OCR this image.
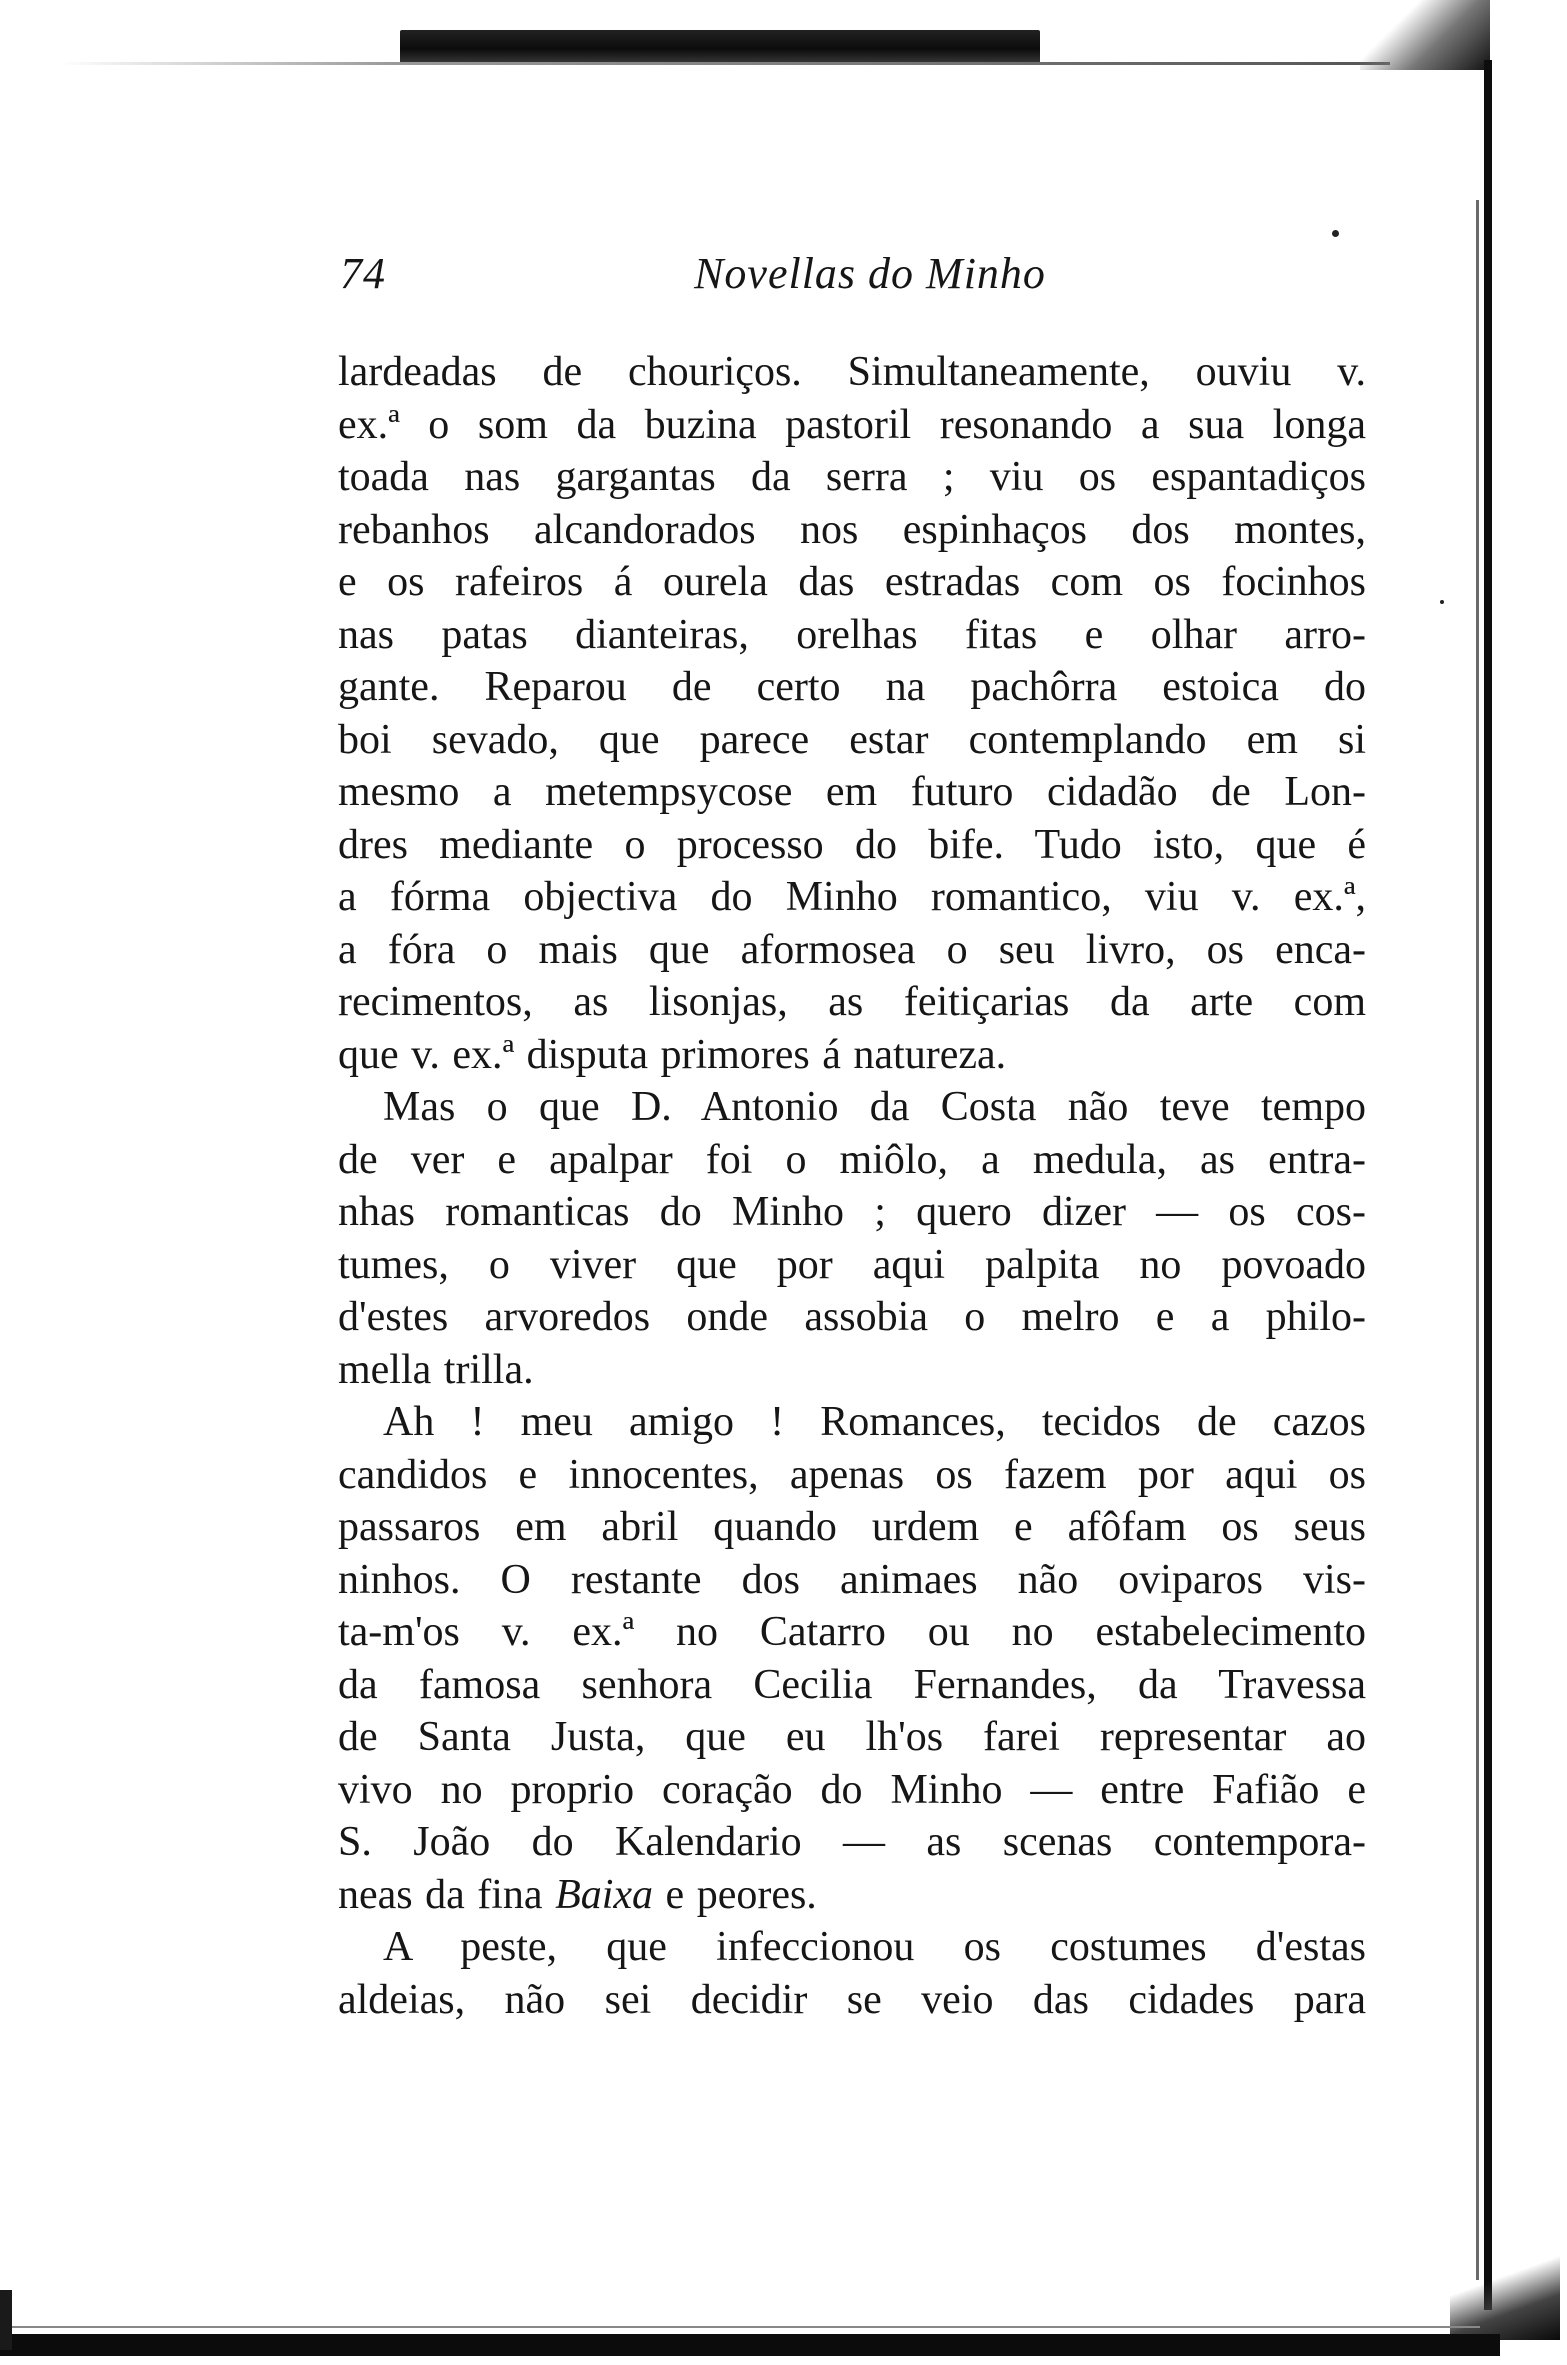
74	Novellas do Minho
lardeadas de chouriços. Simultaneamente, ouviu v.
ex.ª o som da buzina pastoril resonando a sua longa
toada nas gargantas da serra ; viu os espantadiços
rebanhos alcandorados nos espinhaços dos montes,
e os rafeiros á ourela das estradas com os focinhos
nas patas dianteiras, orelhas fitas e olhar arro-
gante. Reparou de certo na pachôrra estoica do
boi sevado, que parece estar contemplando em si
mesmo a metempsycose em futuro cidadão de Lon-
dres mediante o processo do bife. Tudo isto, que é
a fórma objectiva do Minho romantico, viu v. ex.ª,
a fóra o mais que aformosea o seu livro, os enca-
recimentos, as lisonjas, as feitiçarias da arte com
que v. ex.ª disputa primores á natureza.
Mas o que D. Antonio da Costa não teve tempo
de ver e apalpar foi o miôlo, a medula, as entra-
nhas romanticas do Minho ; quero dizer — os cos-
tumes, o viver que por aqui palpita no povoado
d'estes arvoredos onde assobia o melro e a philo-
mella trilla.
Ah ! meu amigo ! Romances, tecidos de cazos
candidos e innocentes, apenas os fazem por aqui os
passaros em abril quando urdem e afôfam os seus
ninhos. O restante dos animaes não oviparos vis-
ta-m'os v. ex.ª no Catarro ou no estabelecimento
da famosa senhora Cecilia Fernandes, da Travessa
de Santa Justa, que eu lh'os farei representar ao
vivo no proprio coração do Minho — entre Fafião e
S. João do Kalendario — as scenas contempora-
neas da fina Baixa e peores.
A peste, que infeccionou os costumes d'estas
aldeias, não sei decidir se veio das cidades para
